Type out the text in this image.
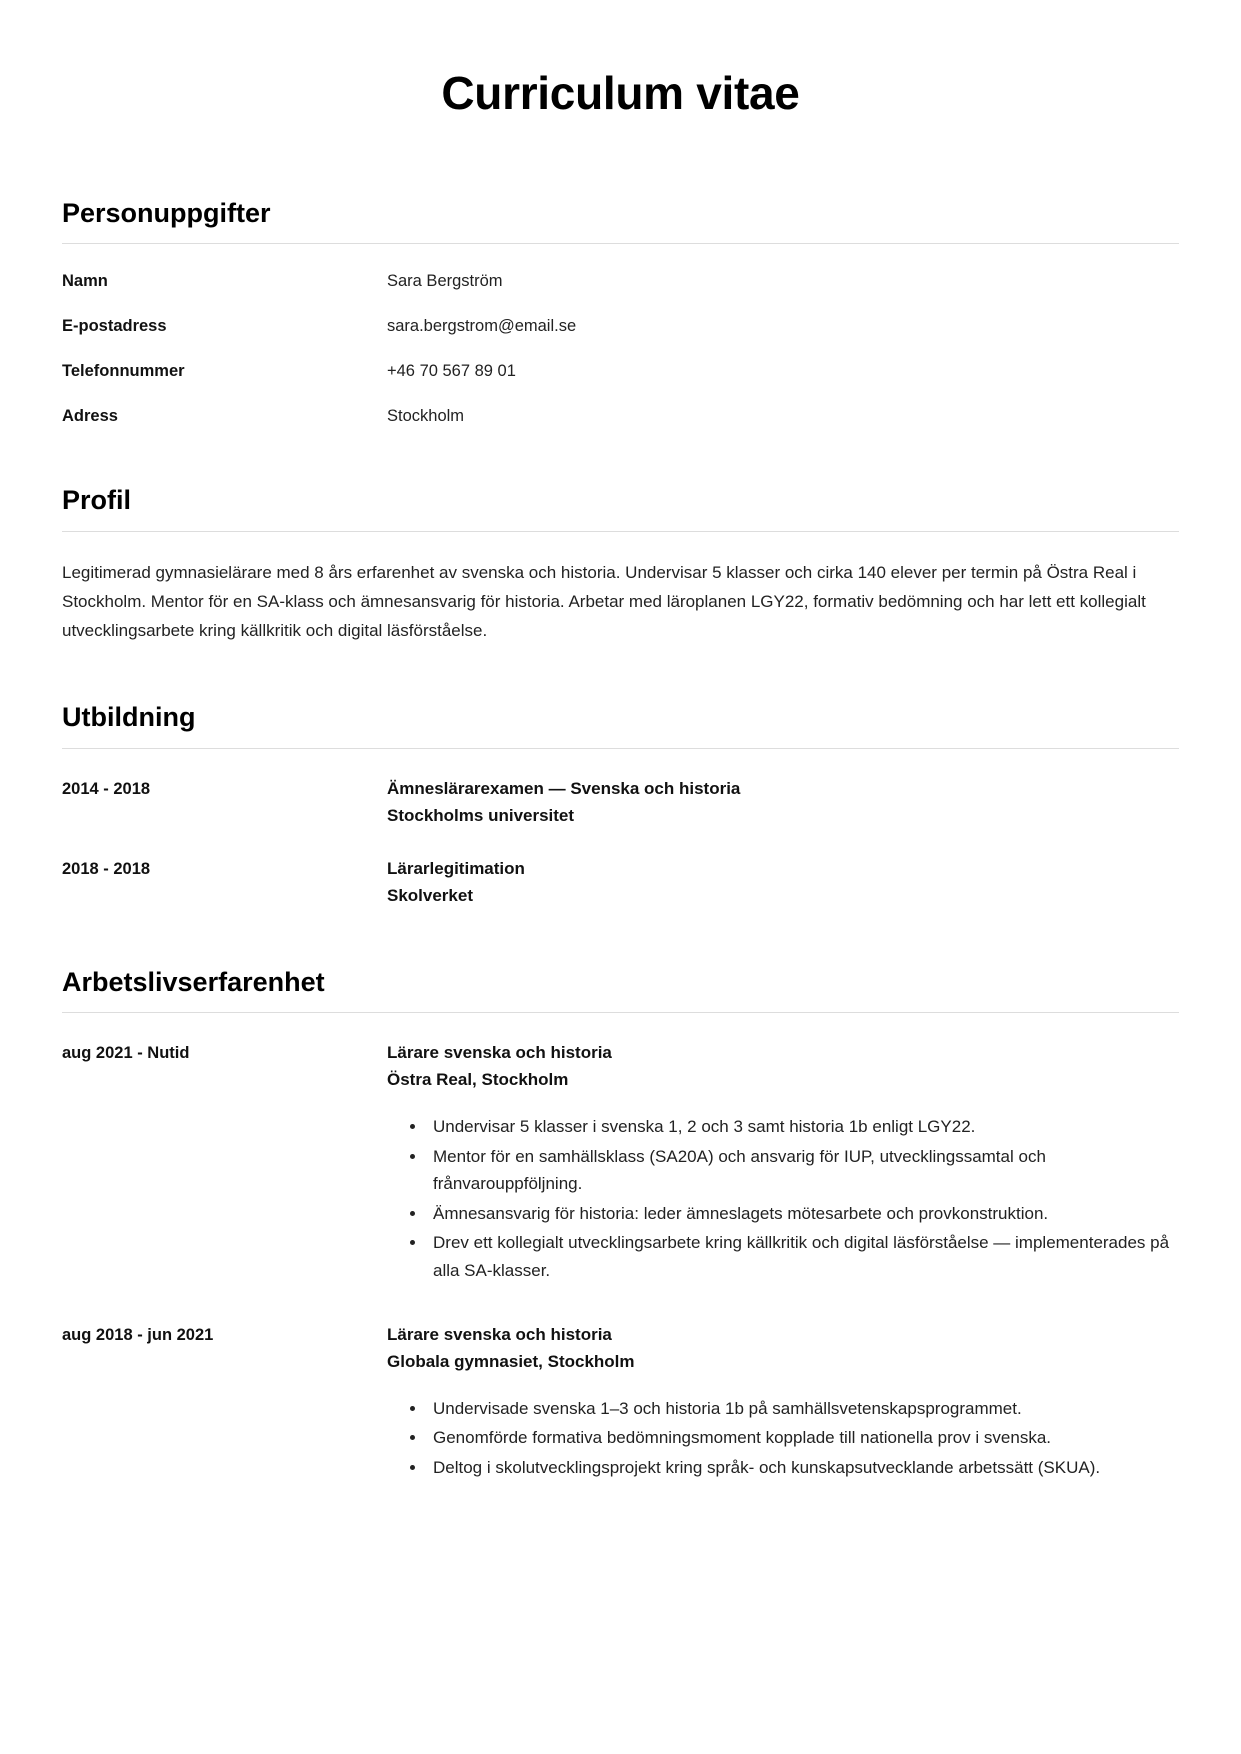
Curriculum vitae
Personuppgifter
Namn	Sara Bergström
E-postadress	sara.bergstrom@email.se
Telefonnummer	+46 70 567 89 01
Adress	Stockholm
Profil

Legitimerad gymnasielärare med 8 års erfarenhet av svenska och historia. Undervisar 5 klasser och cirka 140 elever per termin på Östra Real i Stockholm. Mentor för en SA-klass och ämnesansvarig för historia. Arbetar med läroplanen LGY22, formativ bedömning och har lett ett kollegialt utvecklingsarbete kring källkritik och digital läsförståelse.

Utbildning
2014 - 2018	Ämneslärarexamen — Svenska och historia
Stockholms universitet
2018 - 2018	Lärarlegitimation
Skolverket
Arbetslivserfarenhet
aug 2021 - Nutid	Lärare svenska och historia
Östra Real, Stockholm
• Undervisar 5 klasser i svenska 1, 2 och 3 samt historia 1b enligt LGY22.
• Mentor för en samhällsklass (SA20A) och ansvarig för IUP, utvecklingssamtal och frånvarouppföljning.
• Ämnesansvarig för historia: leder ämneslagets mötesarbete och provkonstruktion.
• Drev ett kollegialt utvecklingsarbete kring källkritik och digital läsförståelse — implementerades på alla SA-klasser.
aug 2018 - jun 2021	Lärare svenska och historia
Globala gymnasiet, Stockholm
• Undervisade svenska 1–3 och historia 1b på samhällsvetenskapsprogrammet.
• Genomförde formativa bedömningsmoment kopplade till nationella prov i svenska.
• Deltog i skolutvecklingsprojekt kring språk- och kunskapsutvecklande arbetssätt (SKUA).
